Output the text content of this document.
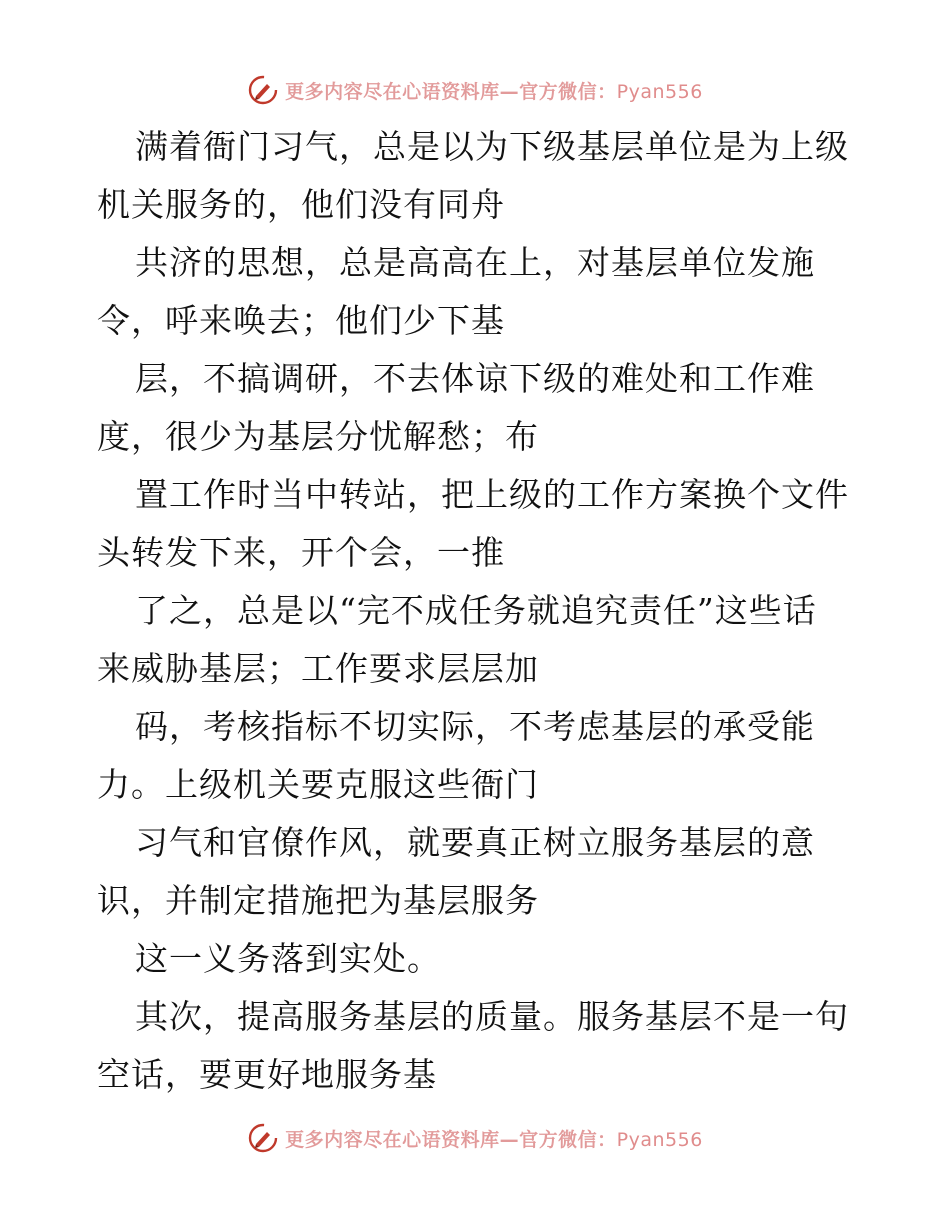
更多内容尽在心语资料库—官方微信：Pyan556
满着衙门习气，总是以为下级基层单位是为上级
机关服务的，他们没有同舟
共济的思想，总是高高在上，对基层单位发施
令，呼来唤去；他们少下基
层，不搞调研，不去体谅下级的难处和工作难
度，很少为基层分忧解愁；布
置工作时当中转站，把上级的工作方案换个文件
头转发下来，开个会，一推
了之，总是以“完不成任务就追究责任”这些话
来威胁基层；工作要求层层加
码，考核指标不切实际，不考虑基层的承受能
力。上级机关要克服这些衙门
习气和官僚作风，就要真正树立服务基层的意
识，并制定措施把为基层服务
这一义务落到实处。
其次，提高服务基层的质量。服务基层不是一句
空话，要更好地服务基
更多内容尽在心语资料库—官方微信：Pyan556
